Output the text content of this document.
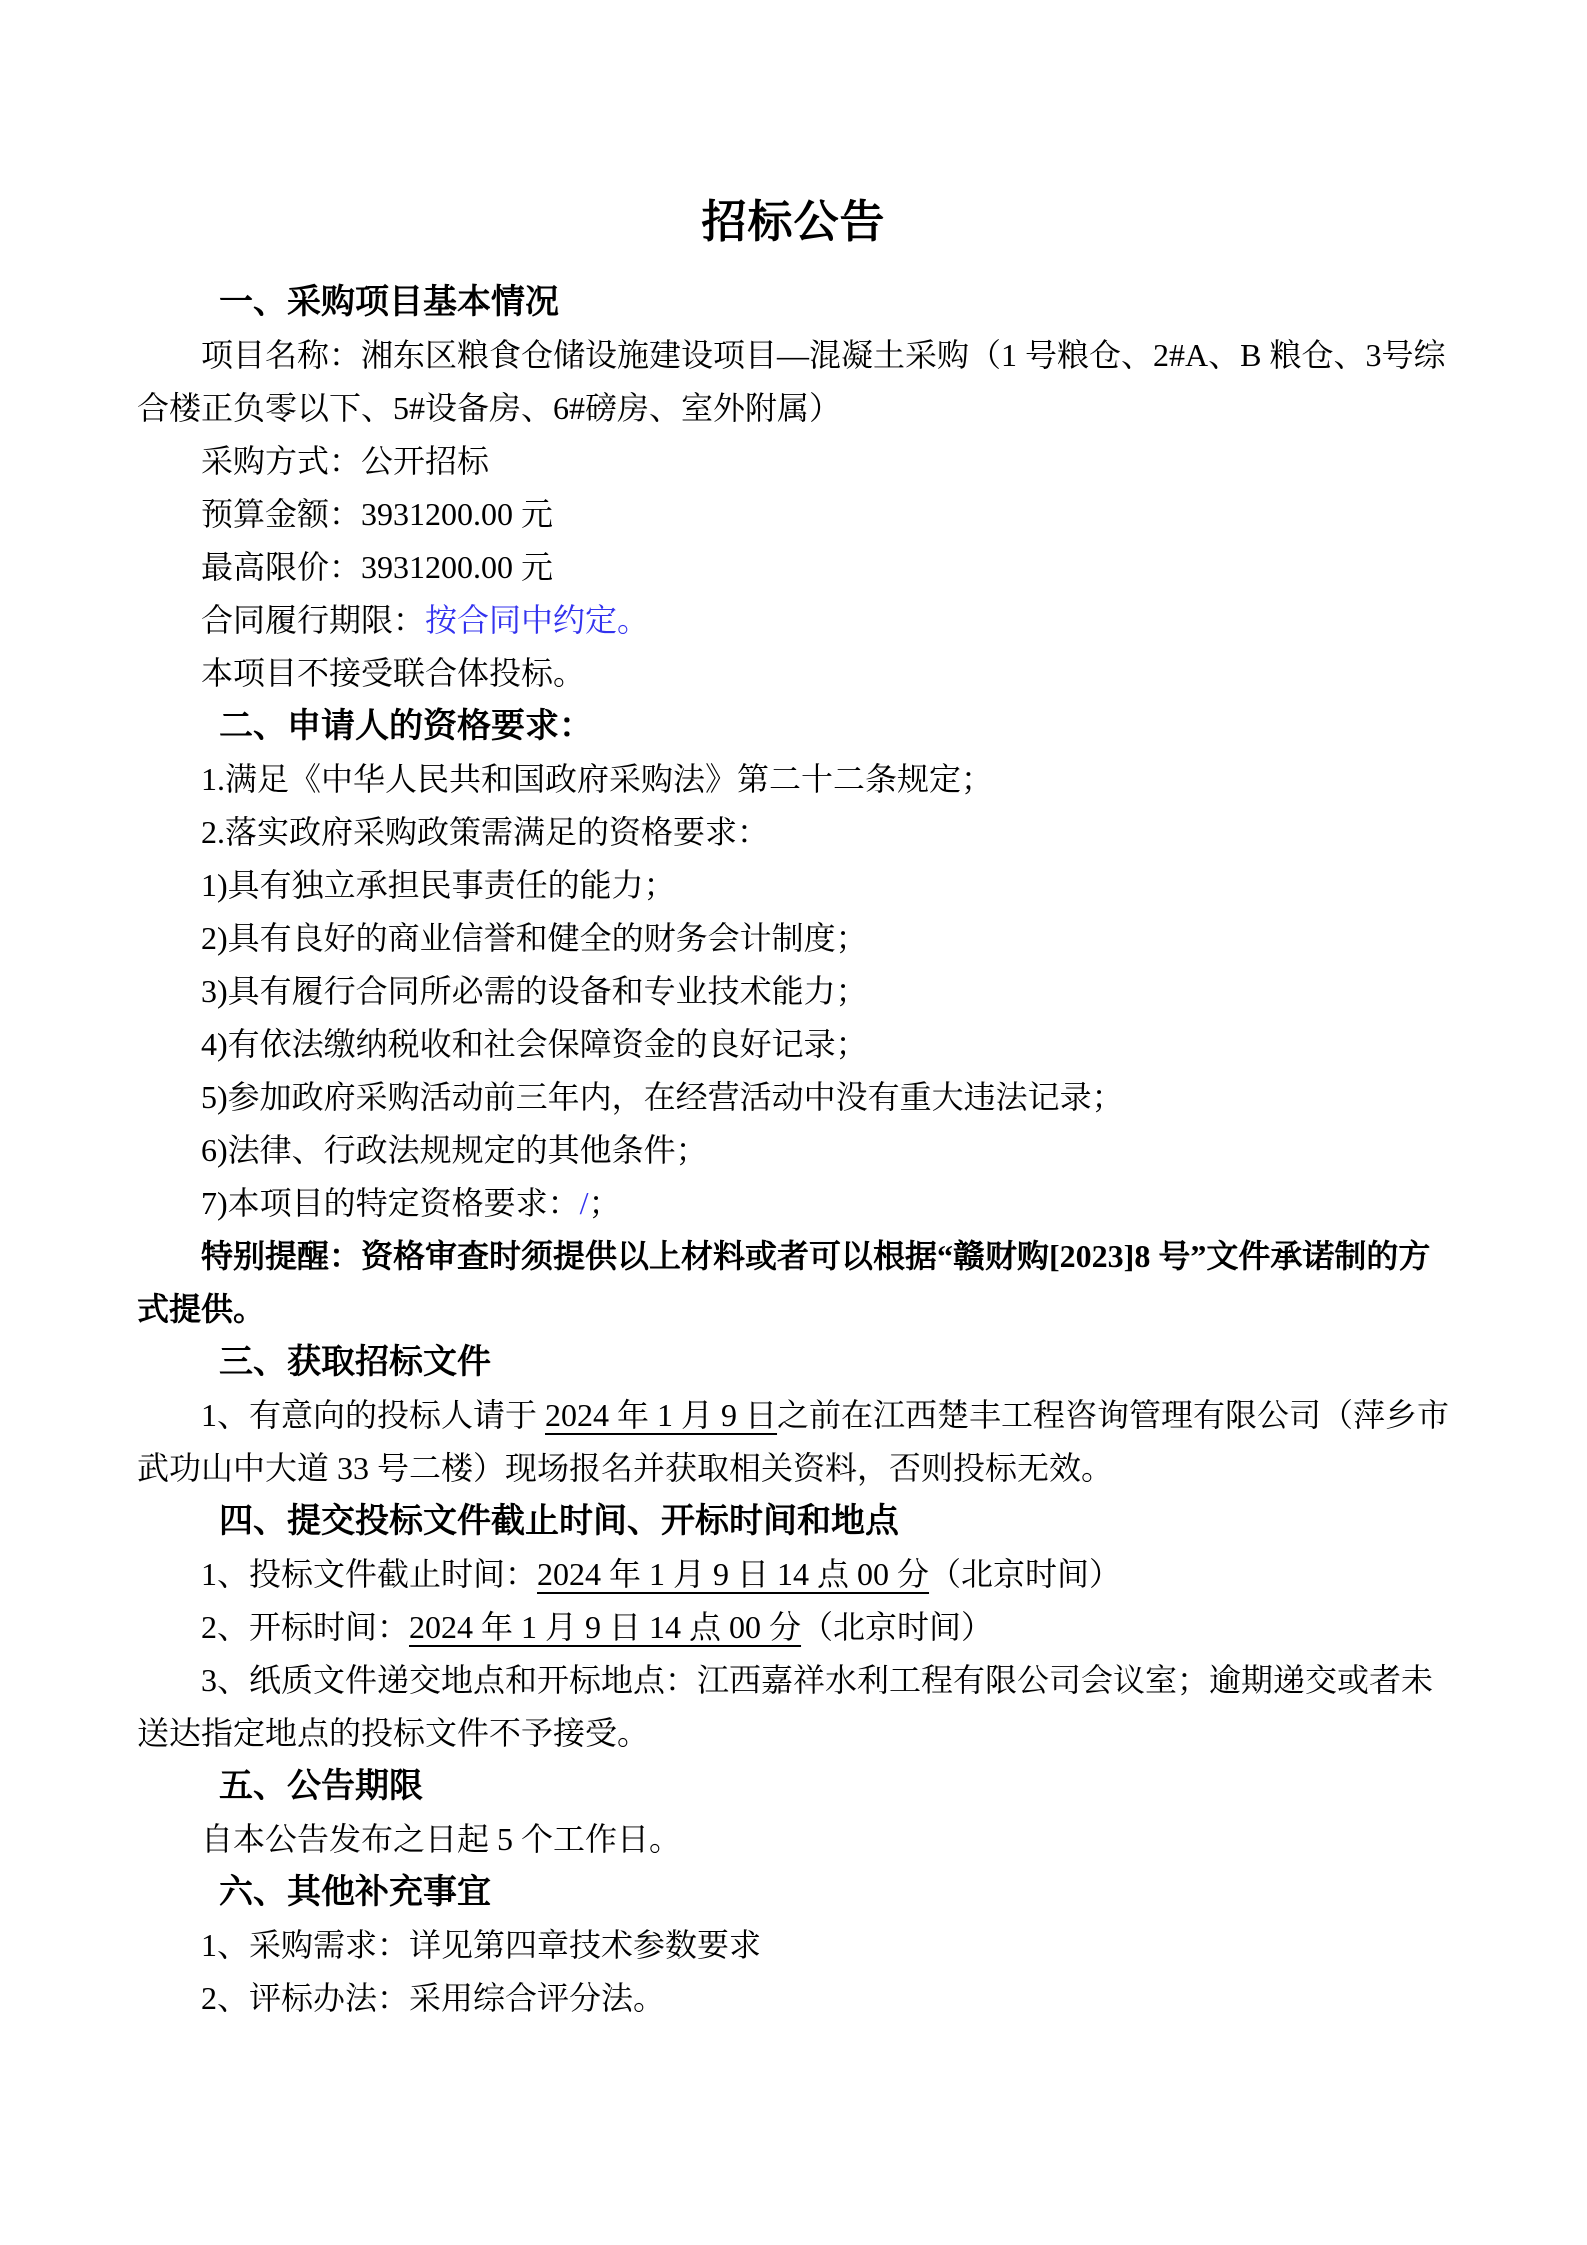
招标公告
一、采购项目基本情况

项目名称：湘东区粮食仓储设施建设项目—混凝土采购（1 号粮仓、2#A、B 粮仓、3号综合楼正负零以下、5#设备房、6#磅房、室外附属）

采购方式：公开招标

预算金额：3931200.00 元

最高限价：3931200.00 元

合同履行期限：按合同中约定。

本项目不接受联合体投标。

二、申请人的资格要求：

1.满足《中华人民共和国政府采购法》第二十二条规定；

2.落实政府采购政策需满足的资格要求：

1)具有独立承担民事责任的能力；

2)具有良好的商业信誉和健全的财务会计制度；

3)具有履行合同所必需的设备和专业技术能力；

4)有依法缴纳税收和社会保障资金的良好记录；

5)参加政府采购活动前三年内，在经营活动中没有重大违法记录；

6)法律、行政法规规定的其他条件；

7)本项目的特定资格要求：/；

特别提醒：资格审查时须提供以上材料或者可以根据“赣财购[2023]8 号”文件承诺制的方式提供。

三、获取招标文件

1、有意向的投标人请于 2024 年 1 月 9 日之前在江西楚丰工程咨询管理有限公司（萍乡市武功山中大道 33 号二楼）现场报名并获取相关资料，否则投标无效。

四、提交投标文件截止时间、开标时间和地点

1、投标文件截止时间：2024 年 1 月 9 日 14 点 00 分（北京时间）

2、开标时间：2024 年 1 月 9 日 14 点 00 分（北京时间）

3、纸质文件递交地点和开标地点：江西嘉祥水利工程有限公司会议室；逾期递交或者未送达指定地点的投标文件不予接受。

五、公告期限

自本公告发布之日起 5 个工作日。

六、其他补充事宜

1、采购需求：详见第四章技术参数要求

2、评标办法：采用综合评分法。
